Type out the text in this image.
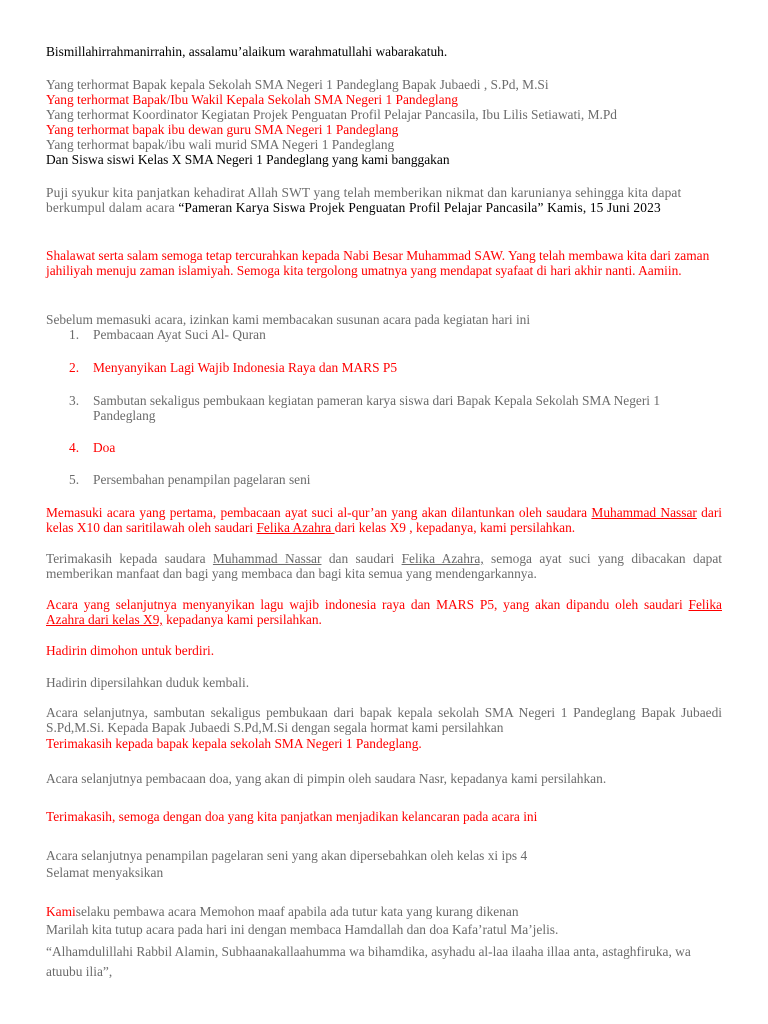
Bismillahirrahmanirrahin, assalamu’alaikum warahmatullahi wabarakatuh.

Yang terhormat Bapak kepala Sekolah SMA Negeri 1 Pandeglang Bapak Jubaedi , S.Pd, M.Si

Yang terhormat Bapak/Ibu Wakil Kepala Sekolah SMA Negeri 1 Pandeglang

Yang terhormat Koordinator Kegiatan Projek Penguatan Profil Pelajar Pancasila, Ibu Lilis Setiawati, M.Pd

Yang terhormat bapak ibu dewan guru SMA Negeri 1 Pandeglang

Yang terhormat bapak/ibu wali murid SMA Negeri 1 Pandeglang

Dan Siswa siswi Kelas X SMA Negeri 1 Pandeglang yang kami banggakan

Puji syukur kita panjatkan kehadirat Allah SWT yang telah memberikan nikmat dan karunianya sehingga kita dapat berkumpul dalam acara “Pameran Karya Siswa Projek Penguatan Profil Pelajar Pancasila” Kamis, 15 Juni 2023

Shalawat serta salam semoga tetap tercurahkan kepada Nabi Besar Muhammad SAW. Yang telah membawa kita dari zaman jahiliyah menuju zaman islamiyah. Semoga kita tergolong umatnya yang mendapat syafaat di hari akhir nanti. Aamiin.

Sebelum memasuki acara, izinkan kami membacakan susunan acara pada kegiatan hari ini

1.	Pembacaan Ayat Suci Al- Quran
2.	Menyanyikan Lagi Wajib Indonesia Raya dan MARS P5
3.	Sambutan sekaligus pembukaan kegiatan pameran karya siswa dari Bapak Kepala Sekolah SMA Negeri 1 Pandeglang
4.	Doa
5.	Persembahan penampilan pagelaran seni

Memasuki acara yang pertama, pembacaan ayat suci al-qur’an yang akan dilantunkan oleh saudara Muhammad Nassar dari kelas X10 dan saritilawah oleh saudari Felika Azahra dari kelas X9 , kepadanya, kami persilahkan.

Terimakasih kepada saudara Muhammad Nassar dan saudari Felika Azahra, semoga ayat suci yang dibacakan dapat memberikan manfaat dan bagi yang membaca dan bagi kita semua yang mendengarkannya.

Acara yang selanjutnya menyanyikan lagu wajib indonesia raya dan MARS P5, yang akan dipandu oleh saudari Felika Azahra dari kelas X9, kepadanya kami persilahkan.

Hadirin dimohon untuk berdiri.

Hadirin dipersilahkan duduk kembali.

Acara selanjutnya, sambutan sekaligus pembukaan dari bapak kepala sekolah SMA Negeri 1 Pandeglang Bapak Jubaedi S.Pd,M.Si. Kepada Bapak Jubaedi S.Pd,M.Si dengan segala hormat kami persilahkan

Terimakasih kepada bapak kepala sekolah SMA Negeri 1 Pandeglang.

Acara selanjutnya pembacaan doa, yang akan di pimpin oleh saudara Nasr, kepadanya kami persilahkan.

Terimakasih, semoga dengan doa yang kita panjatkan menjadikan kelancaran pada acara ini

Acara selanjutnya penampilan pagelaran seni yang akan dipersebahkan oleh kelas xi ips 4

Selamat menyaksikan

Kamiselaku pembawa acara Memohon maaf apabila ada tutur kata yang kurang dikenan

Marilah kita tutup acara pada hari ini dengan membaca Hamdallah dan doa Kafa’ratul Ma’jelis.

“Alhamdulillahi Rabbil Alamin, Subhaanakallaahumma wa bihamdika, asyhadu al-laa ilaaha illaa anta, astaghfiruka, wa atuubu ilia”,
